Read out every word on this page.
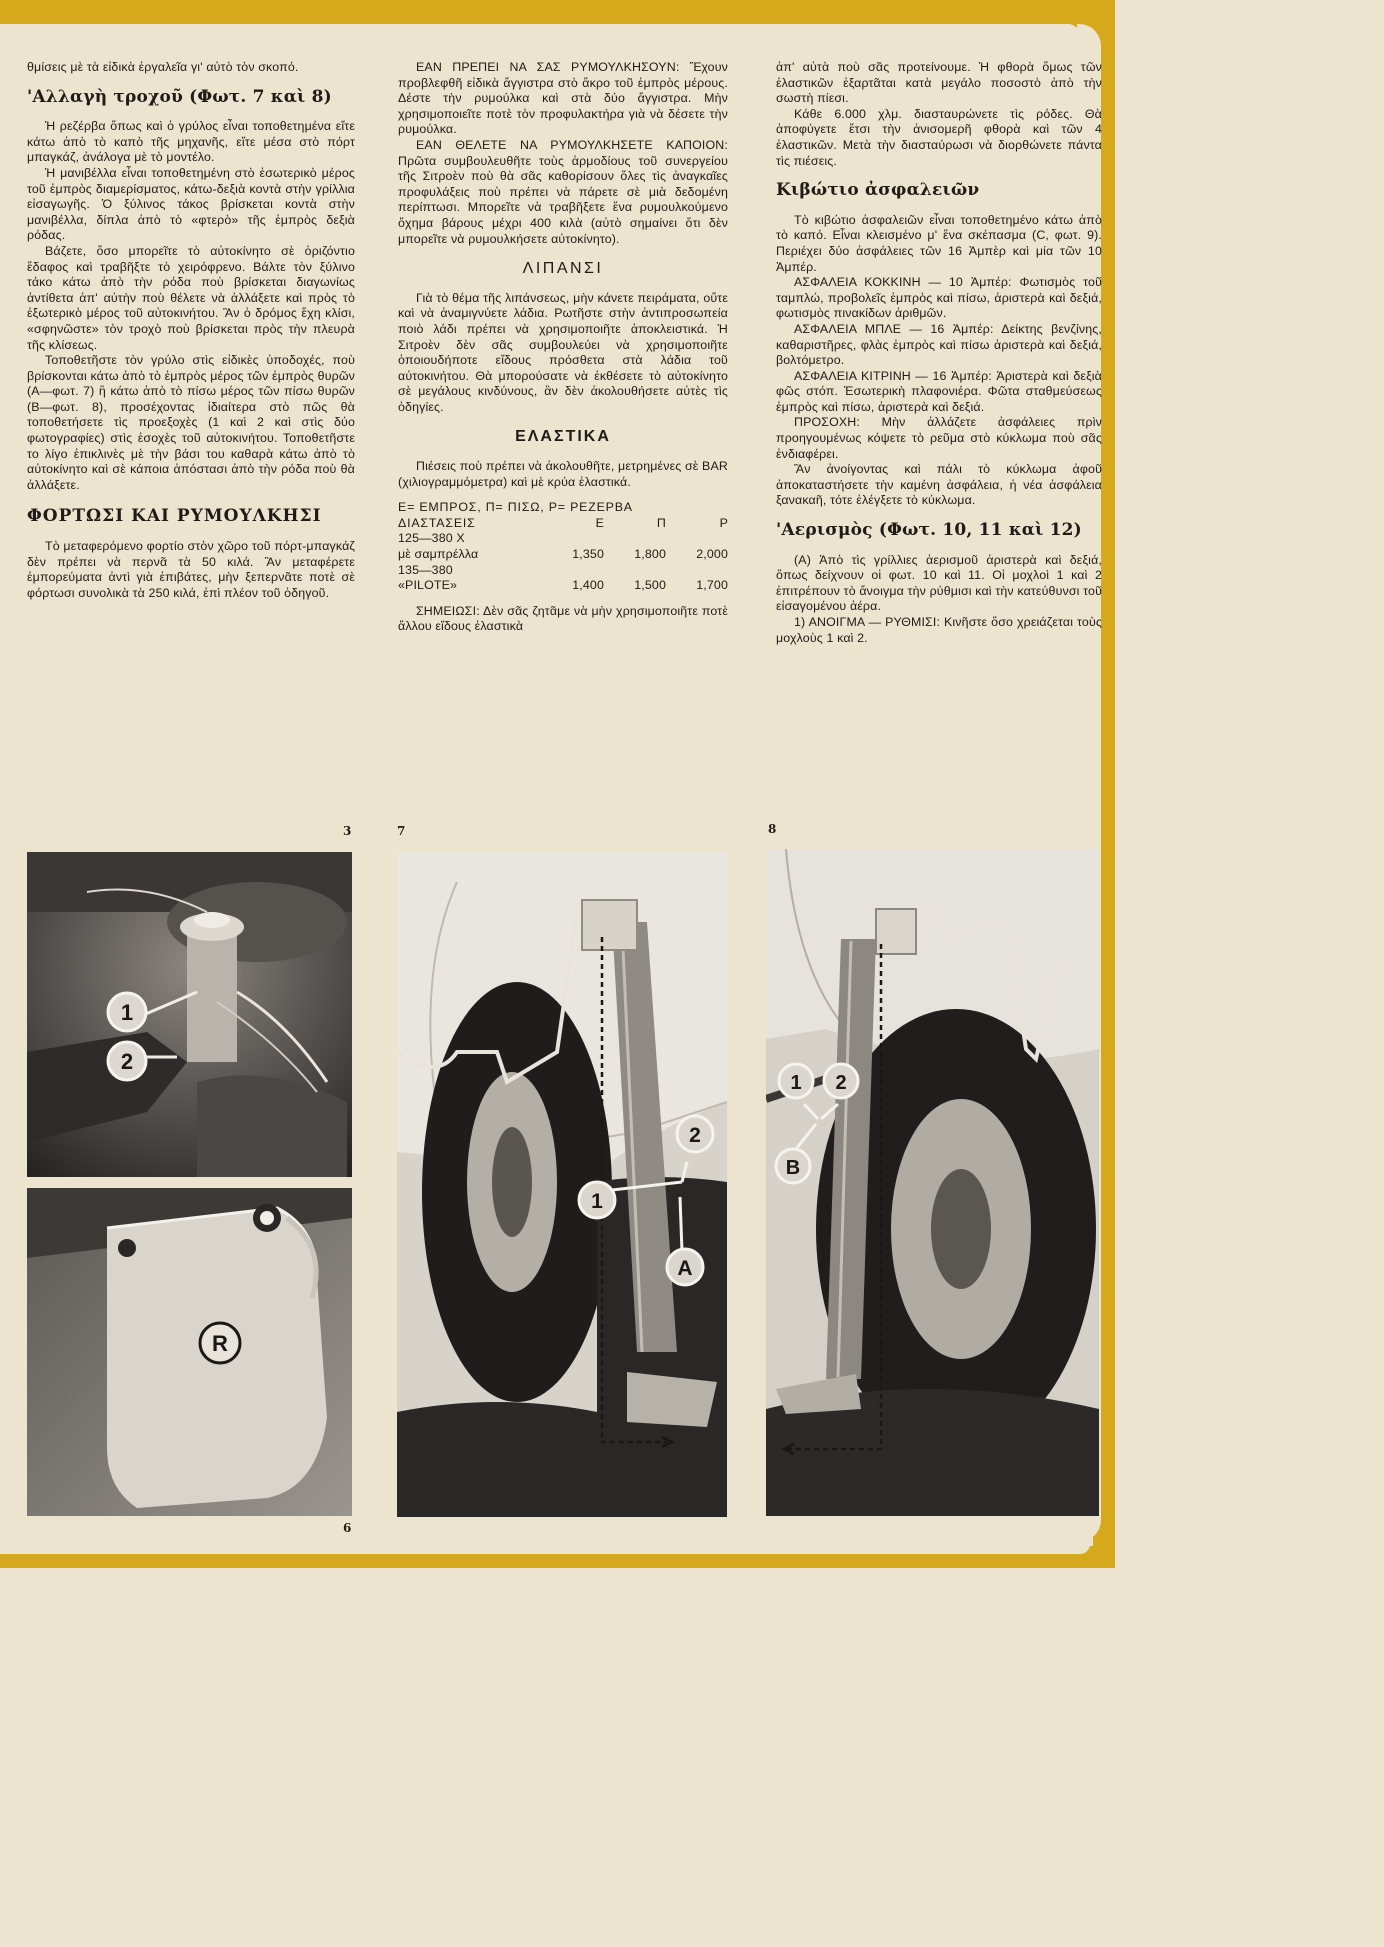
θμίσεις μὲ τὰ εἰδικὰ ἐργαλεῖα γι' αὐτὸ τὸν σκοπό.

'Αλλαγὴ τροχοῦ (Φωτ. 7 καὶ 8)

Ἡ ρεζέρβα ὅπως καὶ ὁ γρύλος εἶναι τοποθετημένα εἴτε κάτω ἀπὸ τὸ καπὸ τῆς μηχανῆς, εἴτε μέσα στὸ πόρτ μπαγκάζ, ἀνάλογα μὲ τὸ μοντέλο.

Ἡ μανιβέλλα εἶναι τοποθετημένη στὸ ἐσωτερικὸ μέρος τοῦ ἐμπρὸς διαμερίσματος, κάτω-δεξιὰ κοντὰ στὴν γρίλλια εἰσαγωγῆς. Ὁ ξύλινος τάκος βρίσκεται κοντὰ στὴν μανιβέλλα, δίπλα ἀπὸ τὸ «φτερὸ» τῆς ἐμπρὸς δεξιὰ ρόδας.

Βάζετε, ὅσο μπορεῖτε τὸ αὐτοκίνητο σὲ ὁριζόντιο ἔδαφος καὶ τραβῆξτε τὸ χειρόφρενο. Βάλτε τὸν ξύλινο τάκο κάτω ἀπὸ τὴν ρόδα ποὺ βρίσκεται διαγωνίως ἀντίθετα ἀπ' αὐτὴν ποὺ θέλετε νὰ ἀλλάξετε καὶ πρὸς τὸ ἐξωτερικὸ μέρος τοῦ αὐτοκινήτου. Ἂν ὁ δρόμος ἔχη κλίσι, «σφηνῶστε» τὸν τροχὸ ποὺ βρίσκεται πρὸς τὴν πλευρὰ τῆς κλίσεως.

Τοποθετῆστε τὸν γρύλο στὶς εἰδικὲς ὑποδοχές, ποὺ βρίσκονται κάτω ἀπὸ τὸ ἐμπρὸς μέρος τῶν ἐμπρὸς θυρῶν (Α—φωτ. 7) ἢ κάτω ἀπὸ τὸ πίσω μέρος τῶν πίσω θυρῶν (Β—φωτ. 8), προσέχοντας ἰδιαίτερα στὸ πῶς θὰ τοποθετήσετε τὶς προεξοχὲς (1 καὶ 2 καὶ στὶς δύο φωτογραφίες) στὶς ἐσοχὲς τοῦ αὐτοκινήτου. Τοποθετῆστε το λίγο ἐπικλινὲς μὲ τὴν βάσι του καθαρὰ κάτω ἀπὸ τὸ αὐτοκίνητο καὶ σὲ κάποια ἀπόστασι ἀπὸ τὴν ρόδα ποὺ θὰ ἀλλάξετε.

ΦΟΡΤΩΣΙ ΚΑΙ ΡΥΜΟΥΛΚΗΣΙ

Τὸ μεταφερόμενο φορτίο στὸν χῶρο τοῦ πόρτ-μπαγκάζ δὲν πρέπει νὰ περνᾶ τὰ 50 κιλά. Ἂν μεταφέρετε ἐμπορεύματα ἀντὶ γιὰ ἐπιβάτες, μὴν ξεπερνᾶτε ποτὲ σὲ φόρτωσι συνολικὰ τὰ 250 κιλά, ἐπὶ πλέον τοῦ ὁδηγοῦ.

ΕΑΝ ΠΡΕΠΕΙ ΝΑ ΣΑΣ ΡΥΜΟΥΛΚΗΣΟΥΝ: Ἔχουν προβλεφθῆ εἰδικὰ ἄγγιστρα στὸ ἄκρο τοῦ ἐμπρὸς μέρους. Δέστε τὴν ρυμούλκα καὶ στὰ δύο ἄγγιστρα. Μὴν χρησιμοποιεῖτε ποτὲ τὸν προφυλακτήρα γιὰ νὰ δέσετε τὴν ρυμούλκα.

ΕΑΝ ΘΕΛΕΤΕ ΝΑ ΡΥΜΟΥΛΚΗΣΕΤΕ ΚΑΠΟΙΟΝ: Πρῶτα συμβουλευθῆτε τοὺς ἁρμοδίους τοῦ συνεργείου τῆς Σιτροὲν ποὺ θὰ σᾶς καθορίσουν ὅλες τὶς ἀναγκαῖες προφυλάξεις ποὺ πρέπει νὰ πάρετε σὲ μιὰ δεδομένη περίπτωσι. Μπορεῖτε νὰ τραβῆξετε ἕνα ρυμουλκούμενο ὄχημα βάρους μέχρι 400 κιλὰ (αὐτὸ σημαίνει ὅτι δὲν μπορεῖτε νὰ ρυμουλκήσετε αὐτοκίνητο).

ΛΙΠΑΝΣΙ

Γιὰ τὸ θέμα τῆς λιπάνσεως, μὴν κάνετε πειράματα, οὔτε καὶ νὰ ἀναμιγνύετε λάδια. Ρωτῆστε στὴν ἀντιπροσωπεία ποιὸ λάδι πρέπει νὰ χρησιμοποιῆτε ἀποκλειστικά. Ἡ Σιτροὲν δὲν σᾶς συμβουλεύει νὰ χρησιμοποιῆτε ὁποιουδήποτε εἴδους πρόσθετα στὰ λάδια τοῦ αὐτοκινήτου. Θὰ μπορούσατε νὰ ἐκθέσετε τὸ αὐτοκίνητο σὲ μεγάλους κινδύνους, ἂν δὲν ἀκολουθήσετε αὐτὲς τὶς ὁδηγίες.

ΕΛΑΣΤΙΚΑ

Πιέσεις ποὺ πρέπει νὰ ἀκολουθῆτε, μετρημένες σὲ BAR (χιλιογραμμόμετρα) καὶ μὲ κρύα ἐλαστικά.

Ε= ΕΜΠΡΟΣ, Π= ΠΙΣΩ, Ρ= ΡΕΖΕΡΒΑ			
ΔΙΑΣΤΑΣΕΙΣ	Ε	Π	Ρ
125—380 Χ			
μὲ σαμπρέλλα	1,350	1,800	2,000
135—380			
«PILOTE»	1,400	1,500	1,700

ΣΗΜΕΙΩΣΙ: Δὲν σᾶς ζητᾶμε νὰ μὴν χρησιμοποιῆτε ποτὲ ἄλλου εἴδους ἐλαστικὰ

ἀπ' αὐτὰ ποὺ σᾶς προτείνουμε. Ἡ φθορὰ ὅμως τῶν ἐλαστικῶν ἐξαρτᾶται κατὰ μεγάλο ποσοστὸ ἀπὸ τὴν σωστὴ πίεσι.

Κάθε 6.000 χλμ. διασταυρώνετε τὶς ρόδες. Θὰ ἀποφύγετε ἔτσι τὴν ἀνισομερῆ φθορὰ καὶ τῶν 4 ἐλαστικῶν. Μετὰ τὴν διασταύρωσι νὰ διορθώνετε πάντα τὶς πιέσεις.

Κιβώτιο ἀσφαλειῶν

Τὸ κιβώτιο ἀσφαλειῶν εἶναι τοποθετημένο κάτω ἀπὸ τὸ καπό. Εἶναι κλεισμένο μ' ἕνα σκέπασμα (C, φωτ. 9). Περιέχει δύο ἀσφάλειες τῶν 16 Ἀμπὲρ καὶ μία τῶν 10 Ἀμπέρ.

ΑΣΦΑΛΕΙΑ ΚΟΚΚΙΝΗ — 10 Ἀμπέρ: Φωτισμὸς τοῦ ταμπλώ, προβολεῖς ἐμπρὸς καὶ πίσω, ἀριστερὰ καὶ δεξιά, φωτισμὸς πινακίδων ἀριθμῶν.

ΑΣΦΑΛΕΙΑ ΜΠΛΕ — 16 Ἀμπέρ: Δείκτης βενζίνης, καθαριστῆρες, φλὰς ἐμπρὸς καὶ πίσω ἀριστερὰ καὶ δεξιά, βολτόμετρο.

ΑΣΦΑΛΕΙΑ ΚΙΤΡΙΝΗ — 16 Ἀμπέρ: Ἀριστερὰ καὶ δεξιὰ φῶς στόπ. Ἐσωτερικὴ πλαφονιέρα. Φῶτα σταθμεύσεως ἐμπρὸς καὶ πίσω, ἀριστερὰ καὶ δεξιά.

ΠΡΟΣΟΧΗ: Μὴν ἀλλάζετε ἀσφάλειες πρὶν προηγουμένως κόψετε τὸ ρεῦμα στὸ κύκλωμα ποὺ σᾶς ἐνδιαφέρει.

Ἂν ἀνοίγοντας καὶ πάλι τὸ κύκλωμα ἀφοῦ ἀποκαταστήσετε τὴν καμένη ἀσφάλεια, ἡ νέα ἀσφάλεια ξανακαῆ, τότε ἐλέγξετε τὸ κύκλωμα.

'Αερισμὸς (Φωτ. 10, 11 καὶ 12)

(Α) Ἀπὸ τὶς γρίλλιες ἀερισμοῦ ἀριστερὰ καὶ δεξιά, ὅπως δείχνουν οἱ φωτ. 10 καὶ 11. Οἱ μοχλοὶ 1 καὶ 2 ἐπιτρέπουν τὸ ἄνοιγμα τὴν ρύθμισι καὶ τὴν κατεύθυνσι τοῦ εἰσαγομένου ἀέρα.

1) ΑΝΟΙΓΜΑ — ΡΥΘΜΙΣΙ: Κινῆστε ὅσο χρειάζεται τοὺς μοχλοὺς 1 καὶ 2.

3	7	8
6
1
2
R
1
2
A
1 2
B
